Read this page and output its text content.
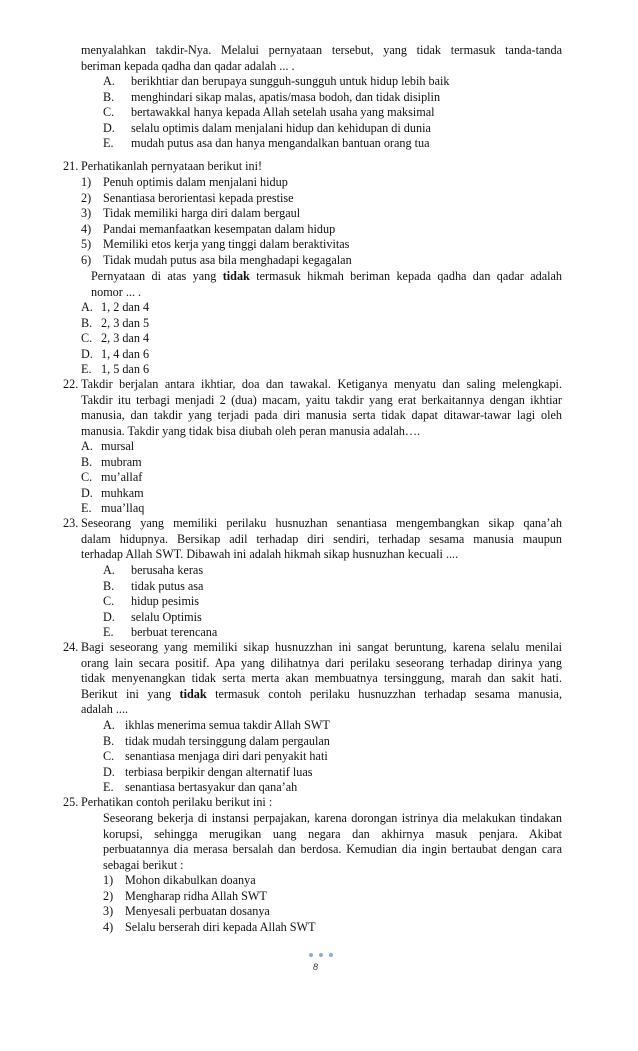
menyalahkan takdir-Nya. Melalui pernyataan tersebut, yang tidak termasuk tanda-tanda
beriman kepada qadha dan qadar adalah ... .
A.	berikhtiar dan berupaya sungguh-sungguh untuk hidup lebih baik
B.	menghindari sikap malas, apatis/masa bodoh, dan tidak disiplin
C.	bertawakkal hanya kepada Allah setelah usaha yang maksimal
D.	selalu optimis dalam menjalani hidup dan kehidupan di dunia
E.	mudah putus asa dan hanya mengandalkan bantuan orang tua
21. Perhatikanlah pernyataan berikut ini!
1) Penuh optimis dalam menjalani hidup
2) Senantiasa berorientasi kepada prestise
3) Tidak memiliki harga diri dalam bergaul
4) Pandai memanfaatkan kesempatan dalam hidup
5) Memiliki etos kerja yang tinggi dalam beraktivitas
6) Tidak mudah putus asa bila menghadapi kegagalan
Pernyataan di atas yang tidak termasuk hikmah beriman kepada qadha dan qadar adalah
nomor ... .
A. 1, 2 dan 4
B. 2, 3 dan 5
C. 2, 3 dan 4
D. 1, 4 dan 6
E. 1, 5 dan 6
22. Takdir berjalan antara ikhtiar, doa dan tawakal. Ketiganya menyatu dan saling melengkapi.
Takdir itu terbagi menjadi 2 (dua) macam, yaitu takdir yang erat berkaitannya dengan ikhtiar
manusia, dan takdir yang terjadi pada diri manusia serta tidak dapat ditawar-tawar lagi oleh
manusia. Takdir yang tidak bisa diubah oleh peran manusia adalah….
A. mursal
B. mubram
C. mu’allaf
D. muhkam
E. mua’llaq
23. Seseorang yang memiliki perilaku husnuzhan senantiasa mengembangkan sikap qana’ah
dalam hidupnya. Bersikap adil terhadap diri sendiri, terhadap sesama manusia maupun
terhadap Allah SWT. Dibawah ini adalah hikmah sikap husnuzhan kecuali ....
A.	berusaha keras
B.	tidak putus asa
C.	hidup pesimis
D.	selalu Optimis
E.	berbuat terencana
24. Bagi seseorang yang memiliki sikap husnuzzhan ini sangat beruntung, karena selalu menilai
orang lain secara positif. Apa yang dilihatnya dari perilaku seseorang terhadap dirinya yang
tidak menyenangkan tidak serta merta akan membuatnya tersinggung, marah dan sakit hati.
Berikut ini yang tidak termasuk contoh perilaku husnuzzhan terhadap sesama manusia,
adalah ....
A. ikhlas menerima semua takdir Allah SWT
B. tidak mudah tersinggung dalam pergaulan
C. senantiasa menjaga diri dari penyakit hati
D. terbiasa berpikir dengan alternatif luas
E. senantiasa bertasyakur dan qana’ah
25. Perhatikan contoh perilaku berikut ini :
Seseorang bekerja di instansi perpajakan, karena dorongan istrinya dia melakukan tindakan
korupsi, sehingga merugikan uang negara dan akhirnya masuk penjara. Akibat
perbuatannya dia merasa bersalah dan berdosa. Kemudian dia ingin bertaubat dengan cara
sebagai berikut :
1) Mohon dikabulkan doanya
2) Mengharap ridha Allah SWT
3) Menyesali perbuatan dosanya
4) Selalu berserah diri kepada Allah SWT
8
